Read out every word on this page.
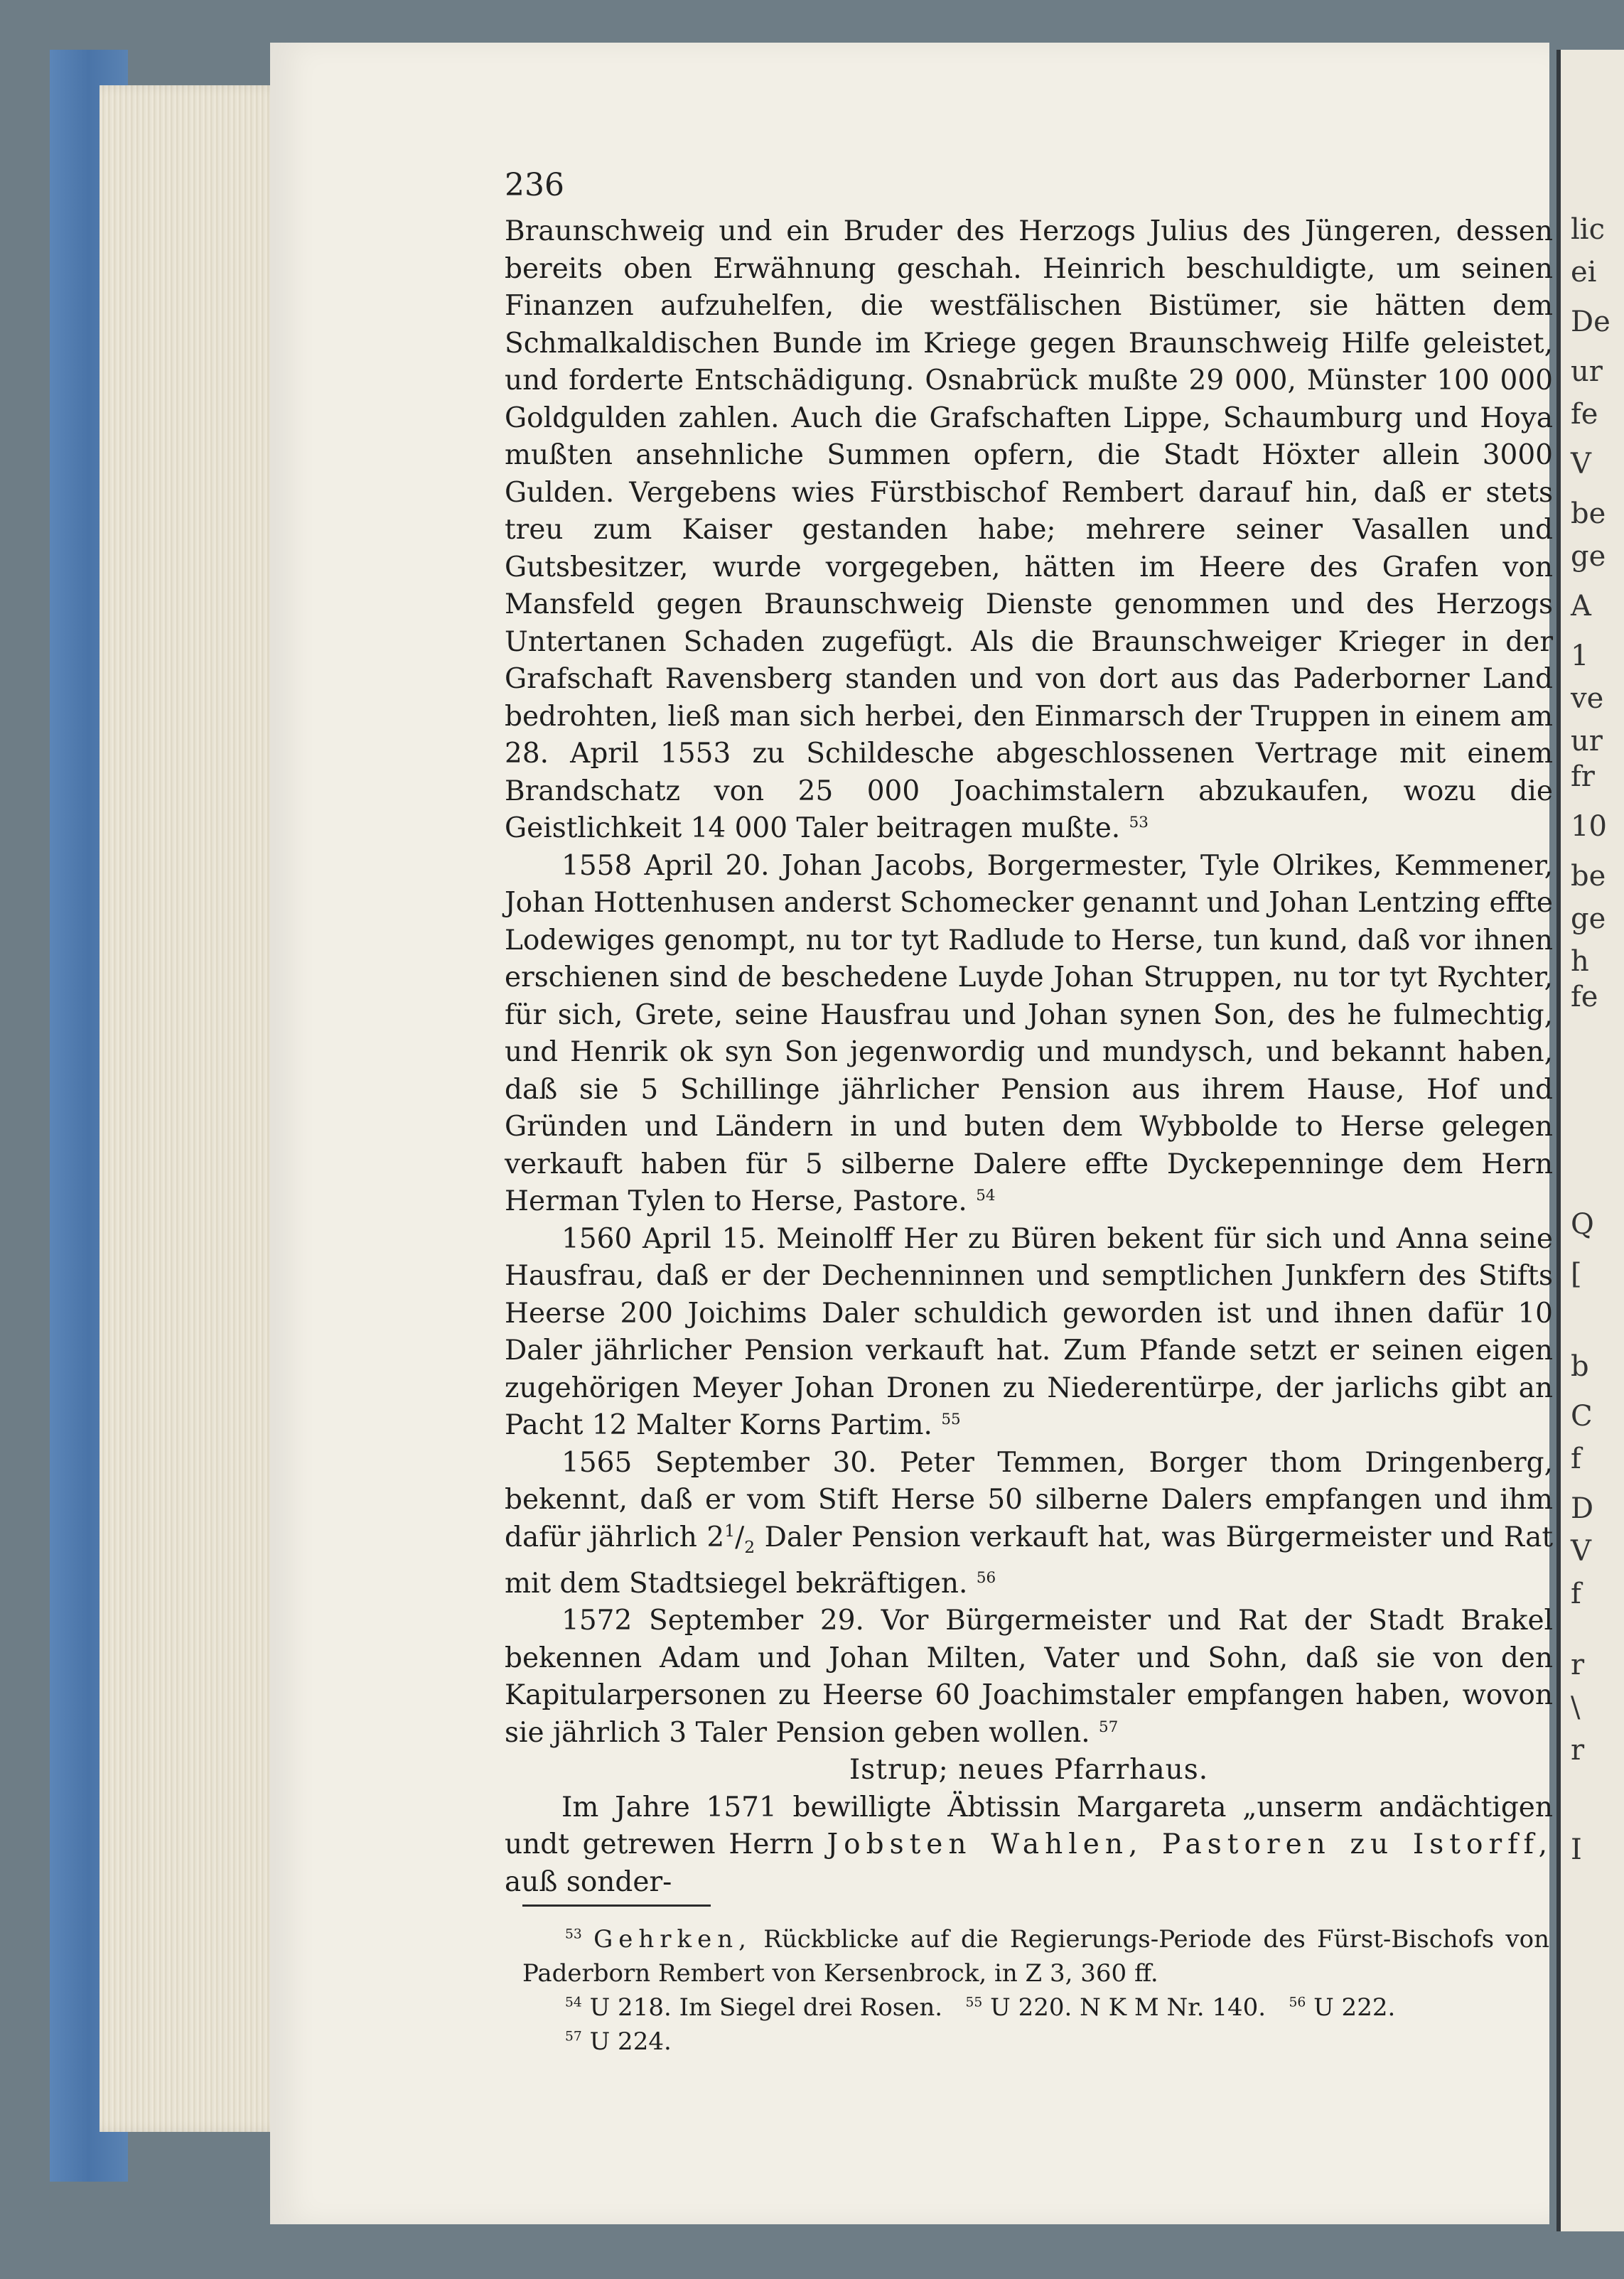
lic
ei
De
ur
fe
V
be
ge
A
1
ve
ur
fr
10
be
ge
h
fe
Q
[
b
C
f
D
V
f
r
\
r
I
236

Braunschweig und ein Bruder des Herzogs Julius des Jüngeren, dessen bereits oben Erwähnung geschah. Heinrich beschuldigte, um seinen Finanzen aufzuhelfen, die westfälischen Bistümer, sie hätten dem Schmalkaldischen Bunde im Kriege gegen Braunschweig Hilfe geleistet, und forderte Entschädigung. Osnabrück mußte 29 000, Münster 100 000 Goldgulden zahlen. Auch die Grafschaften Lippe, Schaumburg und Hoya mußten ansehnliche Summen opfern, die Stadt Höxter allein 3000 Gulden. Vergebens wies Fürstbischof Rembert darauf hin, daß er stets treu zum Kaiser gestanden habe; mehrere seiner Vasallen und Gutsbesitzer, wurde vorgegeben, hätten im Heere des Grafen von Mansfeld gegen Braunschweig Dienste genommen und des Herzogs Untertanen Schaden zugefügt. Als die Braunschweiger Krieger in der Grafschaft Ravensberg standen und von dort aus das Paderborner Land bedrohten, ließ man sich herbei, den Einmarsch der Truppen in einem am 28. April 1553 zu Schildesche abgeschlossenen Vertrage mit einem Brandschatz von 25 000 Joachimstalern abzukaufen, wozu die Geistlichkeit 14 000 Taler beitragen mußte. $^{53}$

1558 April 20. Johan Jacobs, Borgermester, Tyle Olrikes, Kemmener, Johan Hottenhusen anderst Schomecker genannt und Johan Lentzing effte Lodewiges genompt, nu tor tyt Radlude to Herse, tun kund, daß vor ihnen erschienen sind de beschedene Luyde Johan Struppen, nu tor tyt Rychter, für sich, Grete, seine Hausfrau und Johan synen Son, des he fulmechtig, und Henrik ok syn Son jegenwordig und mundysch, und bekannt haben, daß sie 5 Schillinge jährlicher Pension aus ihrem Hause, Hof und Gründen und Ländern in und buten dem Wybbolde to Herse gelegen verkauft haben für 5 silberne Dalere effte Dyckepenninge dem Hern Herman Tylen to Herse, Pastore. $^{54}$

1560 April 15. Meinolff Her zu Büren bekent für sich und Anna seine Hausfrau, daß er der Dechenninnen und semptlichen Junkfern des Stifts Heerse 200 Joichims Daler schuldich geworden ist und ihnen dafür 10 Daler jährlicher Pension verkauft hat. Zum Pfande setzt er seinen eigen zugehörigen Meyer Johan Dronen zu Niederentürpe, der jarlichs gibt an Pacht 12 Malter Korns Partim. $^{55}$

1565 September 30. Peter Temmen, Borger thom Dringenberg, bekennt, daß er vom Stift Herse 50 silberne Dalers empfangen und ihm dafür jährlich $2^1/_2$ Daler Pension verkauft hat, was Bürgermeister und Rat mit dem Stadtsiegel bekräftigen. $^{56}$

1572 September 29. Vor Bürgermeister und Rat der Stadt Brakel bekennen Adam und Johan Milten, Vater und Sohn, daß sie von den Kapitularpersonen zu Heerse 60 Joachimstaler empfangen haben, wovon sie jährlich 3 Taler Pension geben wollen. $^{57}$

Istrup; neues Pfarrhaus.

Im Jahre 1571 bewilligte Äbtissin Margareta „unserm andächtigen undt getrewen Herrn Jobsten Wahlen, Pastoren zu Istorff, auß sonder-

$^{53}$ Gehrken, Rückblicke auf die Regierungs-Periode des Fürst-Bischofs von Paderborn Rembert von Kersenbrock, in Z 3, 360 ff.

$^{54}$ U 218. Im Siegel drei Rosen. $^{55}$ U 220. N K M Nr. 140. $^{56}$ U 222.

$^{57}$ U 224.
